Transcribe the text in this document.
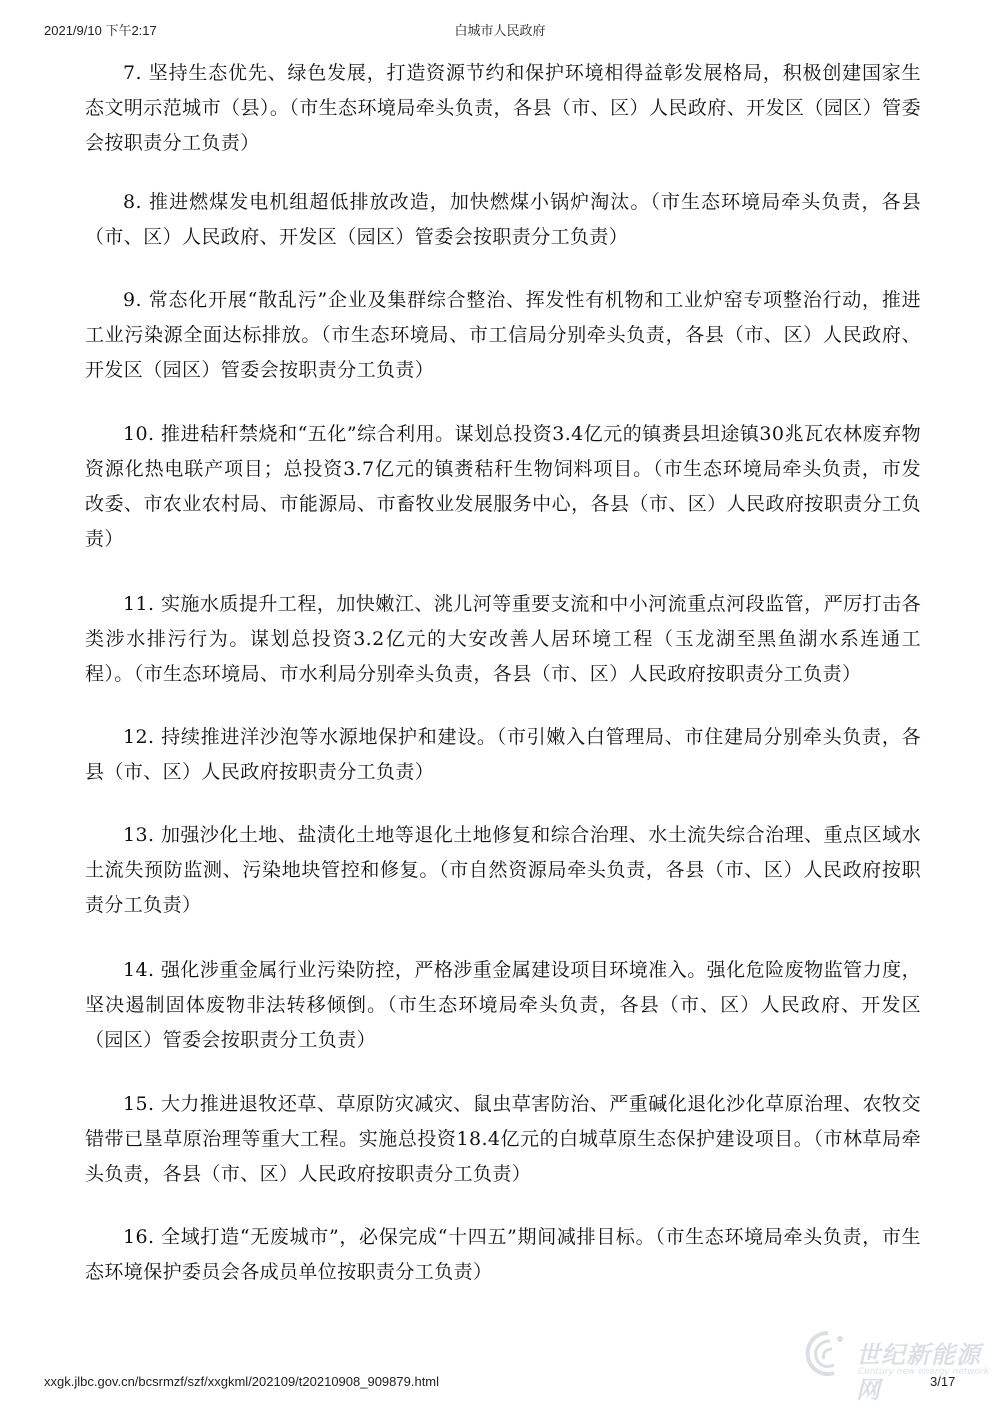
2021/9/10 下午2:17	白城市人民政府

7. 坚持生态优先、绿色发展，打造资源节约和保护环境相得益彰发展格局，积极创建国家生态文明示范城市（县）。（市生态环境局牵头负责，各县（市、区）人民政府、开发区（园区）管委会按职责分工负责）

8. 推进燃煤发电机组超低排放改造，加快燃煤小锅炉淘汰。（市生态环境局牵头负责，各县（市、区）人民政府、开发区（园区）管委会按职责分工负责）

9. 常态化开展“散乱污”企业及集群综合整治、挥发性有机物和工业炉窑专项整治行动，推进工业污染源全面达标排放。（市生态环境局、市工信局分别牵头负责，各县（市、区）人民政府、开发区（园区）管委会按职责分工负责）

10. 推进秸秆禁烧和“五化”综合利用。谋划总投资3.4亿元的镇赉县坦途镇30兆瓦农林废弃物资源化热电联产项目；总投资3.7亿元的镇赉秸秆生物饲料项目。（市生态环境局牵头负责，市发改委、市农业农村局、市能源局、市畜牧业发展服务中心，各县（市、区）人民政府按职责分工负责）

11. 实施水质提升工程，加快嫩江、洮儿河等重要支流和中小河流重点河段监管，严厉打击各类涉水排污行为。谋划总投资3.2亿元的大安改善人居环境工程（玉龙湖至黑鱼湖水系连通工程）。（市生态环境局、市水利局分别牵头负责，各县（市、区）人民政府按职责分工负责）

12. 持续推进洋沙泡等水源地保护和建设。（市引嫩入白管理局、市住建局分别牵头负责，各县（市、区）人民政府按职责分工负责）

13. 加强沙化土地、盐渍化土地等退化土地修复和综合治理、水土流失综合治理、重点区域水土流失预防监测、污染地块管控和修复。（市自然资源局牵头负责，各县（市、区）人民政府按职责分工负责）

14. 强化涉重金属行业污染防控，严格涉重金属建设项目环境准入。强化危险废物监管力度，坚决遏制固体废物非法转移倾倒。（市生态环境局牵头负责，各县（市、区）人民政府、开发区（园区）管委会按职责分工负责）

15. 大力推进退牧还草、草原防灾减灾、鼠虫草害防治、严重碱化退化沙化草原治理、农牧交错带已垦草原治理等重大工程。实施总投资18.4亿元的白城草原生态保护建设项目。（市林草局牵头负责，各县（市、区）人民政府按职责分工负责）

16. 全域打造“无废城市”，必保完成“十四五”期间减排目标。（市生态环境局牵头负责，市生态环境保护委员会各成员单位按职责分工负责）

xxgk.jlbc.gov.cn/bcsrmzf/szf/xxgkml/202109/t20210908_909879.html	3/17
世纪新能源网
Century new energy network
